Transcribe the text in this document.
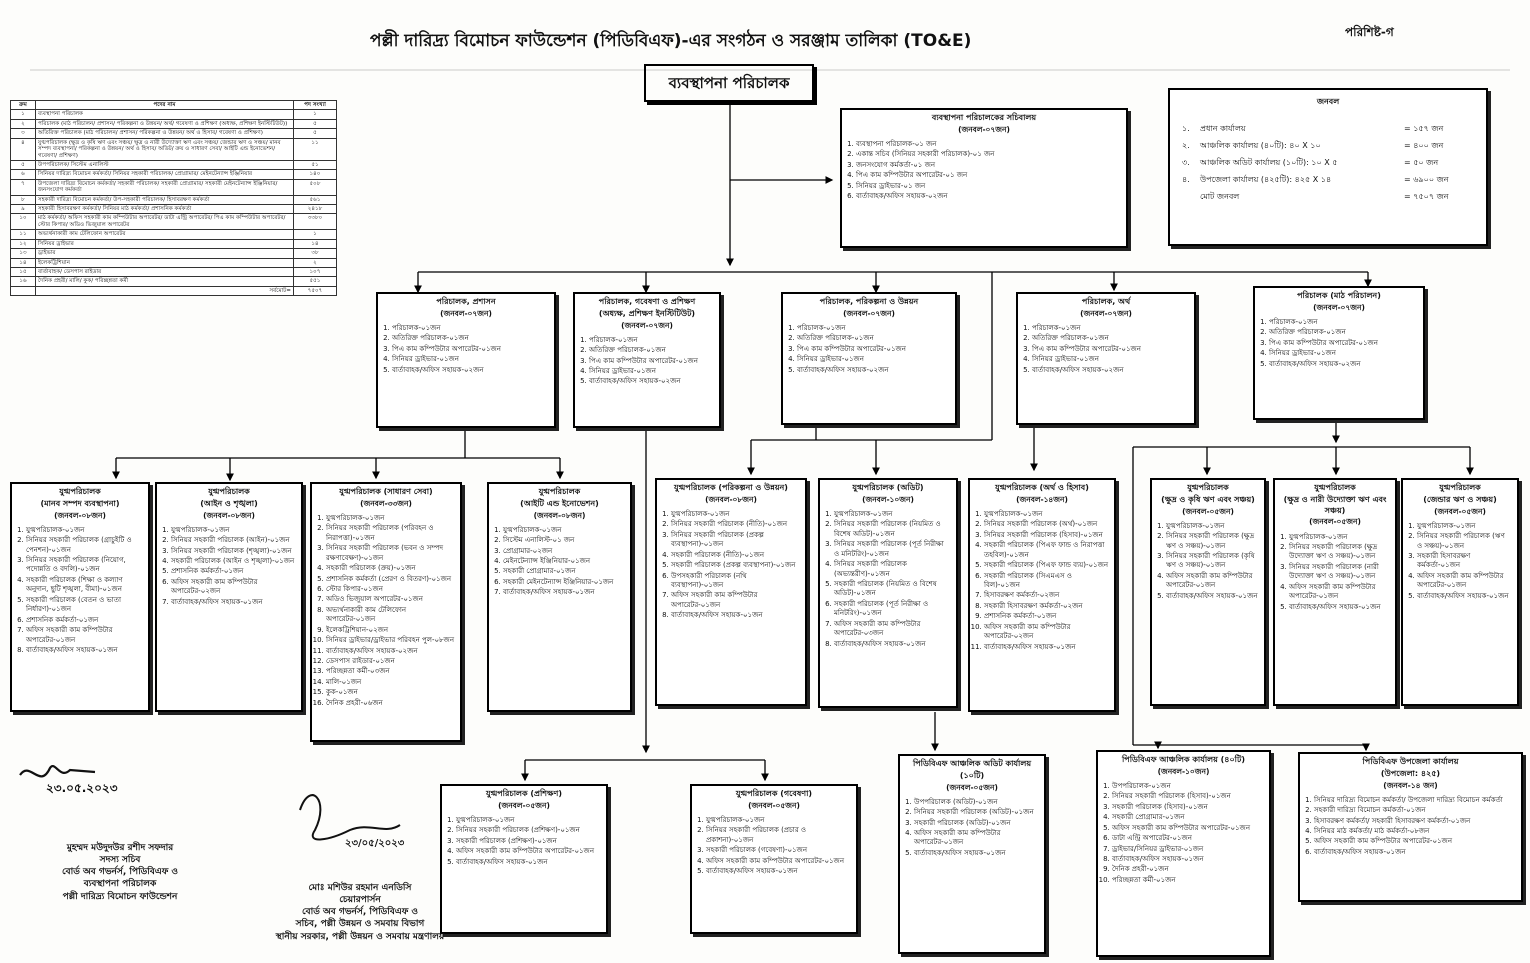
পল্লী দারিদ্র্য বিমোচন ফাউন্ডেশন (পিডিবিএফ)-এর সংগঠন ও সরঞ্জাম তালিকা (TO&E)	পরিশিষ্ট-গ
ব্যবস্থাপনা পরিচালক
ক্রম	পদের নাম	পদ সংখ্যা
১	ব্যবস্থাপনা পরিচালক	১
২	পরিচালক (মাঠ পরিচালন/ প্রশাসন/ পরিকল্পনা ও উন্নয়ন/ অর্থ/ গবেষণা ও প্রশিক্ষণ (অধ্যক্ষ, প্রশিক্ষণ ইনস্টিটিউট))	৫
৩	অতিরিক্ত পরিচালক (মাঠ পরিচালন/ প্রশাসন/ পরিকল্পনা ও উন্নয়ন/ অর্থ ও হিসাব/ গবেষণা ও প্রশিক্ষণ)	৫
৪	যুগ্মপরিচালক (ক্ষুদ্র ও কৃষি ঋণ এবং সঞ্চয়/ ক্ষুদ্র ও নারী উদ্যোক্তা ঋণ এবং সঞ্চয়/ জেন্ডার ঋণ ও সঞ্চয়/ মানব সম্পদ ব্যবস্থাপনা/ পরিকল্পনা ও উন্নয়ন/ অর্থ ও হিসাব/ অডিট/ ক্রয় ও সাধারণ সেবা/ আইটি এন্ড ইনোভেশন/ গবেষণা/ প্রশিক্ষণ)	১১
৫	উপপরিচালক/ সিস্টেম এনালিস্ট	৫১
৬	সিনিয়র দারিদ্র্য বিমোচন কর্মকর্তা/ সিনিয়র সহকারী পরিচালক/ প্রোগ্রামার/ মেইনটেন্যান্স ইঞ্জিনিয়ার	১৪০
৭	উপজেলা দারিদ্র্য বিমোচন কর্মকর্তা/ সহকারী পরিচালক/ সহকারী প্রোগ্রামার/ সহকারী মেইনটেন্যান্স ইঞ্জিনিয়ার/ জনসংযোগ কর্মকর্তা	৫০৮
৮	সহকারী দারিদ্র্য বিমোচন কর্মকর্তা/ উপ-সহকারী পরিচালক/ হিসাবরক্ষণ কর্মকর্তা	৫৬১
৯	সহকারী হিসাবরক্ষণ কর্মকর্তা/ সিনিয়র মাঠ কর্মকর্তা/ প্রশাসনিক কর্মকর্তা	২৪১৮
১০	মাঠ কর্মকর্তা/ অফিস সহকারী কাম কম্পিউটার অপারেটর/ ডাটা এন্ট্রি অপারেটর/ পিএ কাম কম্পিউটার অপারেটর/ স্টোর কিপার/ অডিও ভিজুয়াল অপারেটর	৩৩৮০
১১	অভ্যর্থনাকারী কাম টেলিফোন অপারেটর	১
১২	সিনিয়র ড্রাইভার	১৪
১৩	ড্রাইভার	৩৮
১৪	ইলেকট্রিশিয়ান	২
১৫	বার্তাবাহক/ ডেসপাস রাইডার	১০৭
১৬	দৈনিক প্রহরী/ মালি/ কুক/ পরিচ্ছন্নতা কর্মী	৫৫১
	সর্বমোট=	৭৫০৭
ব্যবস্থাপনা পরিচালকের সচিবালয়
(জনবল-০৭জন)
1. ব্যবস্থাপনা পরিচালক-০১ জন
2. একান্ত সচিব (সিনিয়র সহকারী পরিচালক)-০১ জন
3. জনসংযোগ কর্মকর্তা-০১ জন
4. পিএ কাম কম্পিউটার অপারেটর-০১ জন
5. সিনিয়র ড্রাইভার-০১ জন
6. বার্তাবাহক/অফিস সহায়ক-০২জন
জনবল
১.	প্রধান কার্যালয়	= ১৫৭ জন
২.	আঞ্চলিক কার্যালয় (৪০টি): ৪০ X ১০	= ৪০০ জন
৩.	আঞ্চলিক অডিট কার্যালয় (১০টি): ১০ X ৫	= ৫০ জন
৪.	উপজেলা কার্যালয় (৪২৫টি): ৪২৫ X ১৪	= ৬৯০০ জন
মোট জনবল	= ৭৫০৭ জন
পরিচালক, প্রশাসন
(জনবল-০৭জন)
1. পরিচালক-০১জন
2. অতিরিক্ত পরিচালক-০১জন
3. পিএ কাম কম্পিউটার অপারেটর-০১জন
4. সিনিয়র ড্রাইভার-০১জন
5. বার্তাবাহক/অফিস সহায়ক-০২জন
পরিচালক, গবেষণা ও প্রশিক্ষণ
(অধ্যক্ষ, প্রশিক্ষণ ইনস্টিটিউট)
(জনবল-০৭জন)
1. পরিচালক-০১জন
2. অতিরিক্ত পরিচালক-০১জন
3. পিএ কাম কম্পিউটার অপারেটর-০১জন
4. সিনিয়র ড্রাইভার-০১জন
5. বার্তাবাহক/অফিস সহায়ক-০২জন
পরিচালক, পরিকল্পনা ও উন্নয়ন
(জনবল-০৭জন)
1. পরিচালক-০১জন
2. অতিরিক্ত পরিচালক-০১জন
3. পিএ কাম কম্পিউটার অপারেটর-০১জন
4. সিনিয়র ড্রাইভার-০১জন
5. বার্তাবাহক/অফিস সহায়ক-০২জন
পরিচালক, অর্থ
(জনবল-০৭জন)
1. পরিচালক-০১জন
2. অতিরিক্ত পরিচালক-০১জন
3. পিএ কাম কম্পিউটার অপারেটর-০১জন
4. সিনিয়র ড্রাইভার-০১জন
5. বার্তাবাহক/অফিস সহায়ক-০২জন
পরিচালক (মাঠ পরিচালন)
(জনবল-০৭জন)
1. পরিচালক-০১জন
2. অতিরিক্ত পরিচালক-০১জন
3. পিএ কাম কম্পিউটার অপারেটর-০১জন
4. সিনিয়র ড্রাইভার-০১জন
5. বার্তাবাহক/অফিস সহায়ক-০২জন
যুগ্মপরিচালক
(মানব সম্পদ ব্যবস্থাপনা)
(জনবল-০৮জন)
1. যুগ্মপরিচালক-০১জন
2. সিনিয়র সহকারী পরিচালক (গ্রাচুইটি ও পেনশন)-০১জন
3. সিনিয়র সহকারী পরিচালক (নিয়োগ, পদোন্নতি ও বদলি)-০১জন
4. সহকারী পরিচালক (শিক্ষা ও কল্যাণ অনুদান, ছুটি শৃঙ্খলা, বীমা)-০১জন
5. সহকারী পরিচালক (বেতন ও ভাতা নির্ধারণ)-০১জন
6. প্রশাসনিক কর্মকর্তা-০১জন
7. অফিস সহকারী কাম কম্পিউটার অপারেটর-০১জন
8. বার্তাবাহক/অফিস সহায়ক-০১জন
যুগ্মপরিচালক
(আইন ও শৃঙ্খলা)
(জনবল-০৮জন)
1. যুগ্মপরিচালক-০১জন
2. সিনিয়র সহকারী পরিচালক (আইন)-০১জন
3. সিনিয়র সহকারী পরিচালক (শৃঙ্খলা)-০১জন
4. সহকারী পরিচালক (আইন ও শৃঙ্খলা)-০১জন
5. প্রশাসনিক কর্মকর্তা-০১জন
6. অফিস সহকারী কাম কম্পিউটার অপারেটর-০২জন
7. বার্তাবাহক/অফিস সহায়ক-০১জন
যুগ্মপরিচালক (সাধারণ সেবা)
(জনবল-৩৩জন)
1. যুগ্মপরিচালক-০১জন
2. সিনিয়র সহকারী পরিচালক (পরিবহন ও নিরাপত্তা)-০১জন
3. সিনিয়র সহকারী পরিচালক (ভবন ও সম্পদ রক্ষণাবেক্ষণ)-০১জন
4. সহকারী পরিচালক (ক্রয়)-০১জন
5. প্রশাসনিক কর্মকর্তা (প্রেরণ ও বিতরণ)-০১জন
6. স্টোর কিপার-০১জন
7. অডিও ভিজুয়াল অপারেটর-০১জন
8. অভ্যর্থনাকারী কাম টেলিফোন অপারেটর-০১জন
9. ইলেকট্রিশিয়ান-০২জন
10. সিনিয়র ড্রাইভার/ড্রাইভার পরিবহন পুল-০৮জন
11. বার্তাবাহক/অফিস সহায়ক-০২জন
12. ডেসপাস রাইডার-০১জন
13. পরিচ্ছন্নতা কর্মী-০৩জন
14. মালি-০১জন
15. কুক-০১জন
16. দৈনিক প্রহরী-০৬জন
যুগ্মপরিচালক
(আইটি এন্ড ইনোভেশন)
(জনবল-০৮জন)
1. যুগ্মপরিচালক-০১জন
2. সিস্টেম এনালিস্ট-০১ জন
3. প্রোগ্রামার-০২জন
4. মেইনটেন্যান্স ইঞ্জিনিয়ার-০১জন
5. সহকারী প্রোগ্রামার-০১জন
6. সহকারী মেইনটেন্যান্স ইঞ্জিনিয়ার-০১জন
7. বার্তাবাহক/অফিস সহায়ক-০১জন
যুগ্মপরিচালক (পরিকল্পনা ও উন্নয়ন)
(জনবল-০৮জন)
1. যুগ্মপরিচালক-০১জন
2. সিনিয়র সহকারী পরিচালক (নীতি)-০১জন
3. সিনিয়র সহকারী পরিচালক (প্রকল্প ব্যবস্থাপনা)-০১জন
4. সহকারী পরিচালক (নীতি)-০১জন
5. সহকারী পরিচালক (প্রকল্প ব্যবস্থাপনা)-০১জন
6. উপসহকারী পরিচালক (নথি ব্যবস্থাপনা)-০১জন
7. অফিস সহকারী কাম কম্পিউটার অপারেটর-০১জন
8. বার্তাবাহক/অফিস সহায়ক-০১জন
যুগ্মপরিচালক (অডিট)
(জনবল-১০জন)
1. যুগ্মপরিচালক-০১জন
2. সিনিয়র সহকারী পরিচালক (নিয়মিত ও বিশেষ অডিট)-০১জন
3. সিনিয়র সহকারী পরিচালক (পূর্ত নিরীক্ষা ও মনিটরিং)-০১জন
4. সিনিয়র সহকারী পরিচালক (অভ্যন্তরীণ)-০১জন
5. সহকারী পরিচালক (নিয়মিত ও বিশেষ অডিট)-০১জন
6. সহকারী পরিচালক (পূর্ত নিরীক্ষা ও মনিটরিং)-০১জন
7. অফিস সহকারী কাম কম্পিউটার অপারেটর-০৩জন
8. বার্তাবাহক/অফিস সহায়ক-০১জন
যুগ্মপরিচালক (অর্থ ও হিসাব)
(জনবল-১৪জন)
1. যুগ্মপরিচালক-০১জন
2. সিনিয়র সহকারী পরিচালক (অর্থ)-০১জন
3. সিনিয়র সহকারী পরিচালক (হিসাব)-০১জন
4. সহকারী পরিচালক (পিএফ ফান্ড ও নিরাপত্তা তহবিল)-০১জন
5. সহকারী পরিচালক (পিএফ ফান্ড ব্যয়)-০১জন
6. সহকারী পরিচালক (সিএমএস ও বিল)-০১জন
7. হিসাবরক্ষণ কর্মকর্তা-০২জন
8. সহকারী হিসাবরক্ষণ কর্মকর্তা-০২জন
9. প্রশাসনিক কর্মকর্তা-০১জন
10. অফিস সহকারী কাম কম্পিউটার অপারেটর-০২জন
11. বার্তাবাহক/অফিস সহায়ক-০১জন
যুগ্মপরিচালক
(ক্ষুদ্র ও কৃষি ঋণ এবং সঞ্চয়)
(জনবল-০৫জন)
1. যুগ্মপরিচালক-০১জন
2. সিনিয়র সহকারী পরিচালক (ক্ষুদ্র ঋণ ও সঞ্চয়)-০১জন
3. সিনিয়র সহকারী পরিচালক (কৃষি ঋণ ও সঞ্চয়)-০১জন
4. অফিস সহকারী কাম কম্পিউটার অপারেটর-০১জন
5. বার্তাবাহক/অফিস সহায়ক-০১জন
যুগ্মপরিচালক
(ক্ষুদ্র ও নারী উদ্যোক্তা ঋণ এবং সঞ্চয়)
(জনবল-০৫জন)
1. যুগ্মপরিচালক-০১জন
2. সিনিয়র সহকারী পরিচালক (ক্ষুদ্র উদ্যোক্তা ঋণ ও সঞ্চয়)-০১জন
3. সিনিয়র সহকারী পরিচালক (নারী উদ্যোক্তা ঋণ ও সঞ্চয়)-০১জন
4. অফিস সহকারী কাম কম্পিউটার অপারেটর-০১জন
5. বার্তাবাহক/অফিস সহায়ক-০১জন
যুগ্মপরিচালক
(জেন্ডার ঋণ ও সঞ্চয়)
(জনবল-০৫জন)
1. যুগ্মপরিচালক-০১জন
2. সিনিয়র সহকারী পরিচালক (ঋণ ও সঞ্চয়)-০১জন
3. সহকারী হিসাবরক্ষণ কর্মকর্তা-০১জন
4. অফিস সহকারী কাম কম্পিউটার অপারেটর-০১জন
5. বার্তাবাহক/অফিস সহায়ক-০১জন
যুগ্মপরিচালক (প্রশিক্ষণ)
(জনবল-০৫জন)
1. যুগ্মপরিচালক-০১জন
2. সিনিয়র সহকারী পরিচালক (প্রশিক্ষণ)-০১জন
3. সহকারী পরিচালক (প্রশিক্ষণ)-০১জন
4. অফিস সহকারী কাম কম্পিউটার অপারেটর-০১জন
5. বার্তাবাহক/অফিস সহায়ক-০১জন
যুগ্মপরিচালক (গবেষণা)
(জনবল-০৫জন)
1. যুগ্মপরিচালক-০১জন
2. সিনিয়র সহকারী পরিচালক (প্রচার ও প্রকাশনা)-০১জন
3. সহকারী পরিচালক (গবেষণা)-০১জন
4. অফিস সহকারী কাম কম্পিউটার অপারেটর-০১জন
5. বার্তাবাহক/অফিস সহায়ক-০১জন
পিডিবিএফ আঞ্চলিক অডিট কার্যালয়
(১০টি)
(জনবল-০৫জন)
1. উপপরিচালক (অডিট)-০১জন
2. সিনিয়র সহকারী পরিচালক (অডিট)-০১জন
3. সহকারী পরিচালক (অডিট)-০১জন
4. অফিস সহকারী কাম কম্পিউটার অপারেটর-০১জন
5. বার্তাবাহক/অফিস সহায়ক-০১জন
পিডিবিএফ আঞ্চলিক কার্যালয় (৪০টি)
(জনবল-১০জন)
1. উপপরিচালক-০১জন
2. সিনিয়র সহকারী পরিচালক (হিসাব)-০১জন
3. সহকারী পরিচালক (হিসাব)-০১জন
4. সহকারী প্রোগ্রামার-০১জন
5. অফিস সহকারী কাম কম্পিউটার অপারেটর-০১জন
6. ডাটা এন্ট্রি অপারেটর-০১জন
7. ড্রাইভার/সিনিয়র ড্রাইভার-০১জন
8. বার্তাবাহক/অফিস সহায়ক-০১জন
9. দৈনিক প্রহরী-০১জন
10. পরিচ্ছন্নতা কর্মী-০১জন
পিডিবিএফ উপজেলা কার্যালয়
(উপজেলা: ৪২৫)
(জনবল-১৪ জন)
1. সিনিয়র দারিদ্র্য বিমোচন কর্মকর্তা/ উপজেলা দারিদ্র্য বিমোচন কর্মকর্তা
2. সহকারী দারিদ্র্য বিমোচন কর্মকর্তা-০১জন
3. হিসাবরক্ষণ কর্মকর্তা/ সহকারী হিসাবরক্ষণ কর্মকর্তা-০১জন
4. সিনিয়র মাঠ কর্মকর্তা/ মাঠ কর্মকর্তা-০৮জন
5. অফিস সহকারী কাম কম্পিউটার অপারেটর-০১জন
6. বার্তাবাহক/অফিস সহায়ক-০১জন
২৩.০৫.২০২৩
মুহম্মদ মউদুদউর রশীদ সফদার
সদস্য সচিব
বোর্ড অব গভর্নর্স, পিডিবিএফ ও
ব্যবস্থাপনা পরিচালক
পল্লী দারিদ্র্য বিমোচন ফাউন্ডেশন
২৩/০৫/২০২৩
মোঃ মশিউর রহমান এনডিসি
চেয়ারপার্সন
বোর্ড অব গভর্নর্স, পিডিবিএফ ও
সচিব, পল্লী উন্নয়ন ও সমবায় বিভাগ
স্থানীয় সরকার, পল্লী উন্নয়ন ও সমবায় মন্ত্রণালয়
